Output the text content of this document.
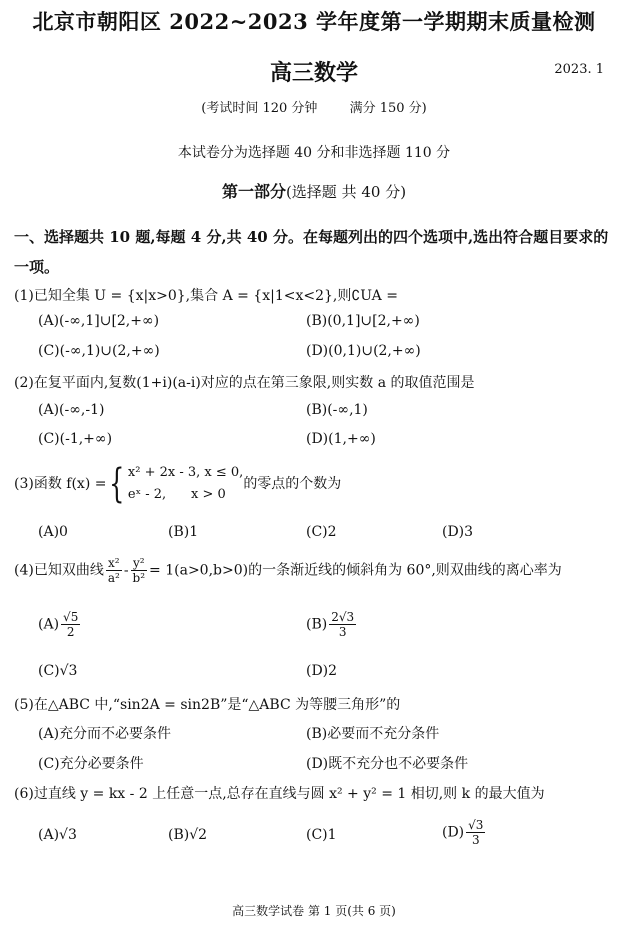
北京市朝阳区 2022~2023 学年度第一学期期末质量检测
高三数学	2023. 1
(考试时间 120 分钟 满分 150 分)
本试卷分为选择题 40 分和非选择题 110 分
第一部分(选择题 共 40 分)
一、选择题共 10 题,每题 4 分,共 40 分。在每题列出的四个选项中,选出符合题目要求的一项。
(1)已知全集 U = {x|x>0},集合 A = {x|1<x<2},则∁UA =
(A)(-∞,1]∪[2,+∞)	(B)(0,1]∪[2,+∞)
(C)(-∞,1)∪(2,+∞)	(D)(0,1)∪(2,+∞)
(2)在复平面内,复数(1+i)(a-i)对应的点在第三象限,则实数 a 的取值范围是
(A)(-∞,-1)	(B)(-∞,1)
(C)(-1,+∞)	(D)(1,+∞)
(3)函数 f(x) ={ x² + 2x - 3, x ≤ 0,
eˣ - 2,      x > 0
的零点的个数为
(A)0	(B)1	(C)2	(D)3
(4)已知双曲线 $\frac{\text{x²}}{\text{a²}} - \frac{\text{y²}}{\text{b²}} = 1(a>0,b>0)$的一条渐近线的倾斜角为 60°,则双曲线的离心率为
$(A) \frac{√5}{2}$	$(B) \frac{2√3}{3}$
(C)√3	(D)2
(5)在△ABC 中,“sin2A = sin2B”是“△ABC 为等腰三角形”的
(A)充分而不必要条件	(B)必要而不充分条件
(C)充分必要条件	(D)既不充分也不必要条件
(6)过直线 y = kx - 2 上任意一点,总存在直线与圆 x² + y² = 1 相切,则 k 的最大值为
(A)√3	(B)√2	(C)1	$(D) \frac{√3}{3}$
高三数学试卷 第 1 页(共 6 页)
